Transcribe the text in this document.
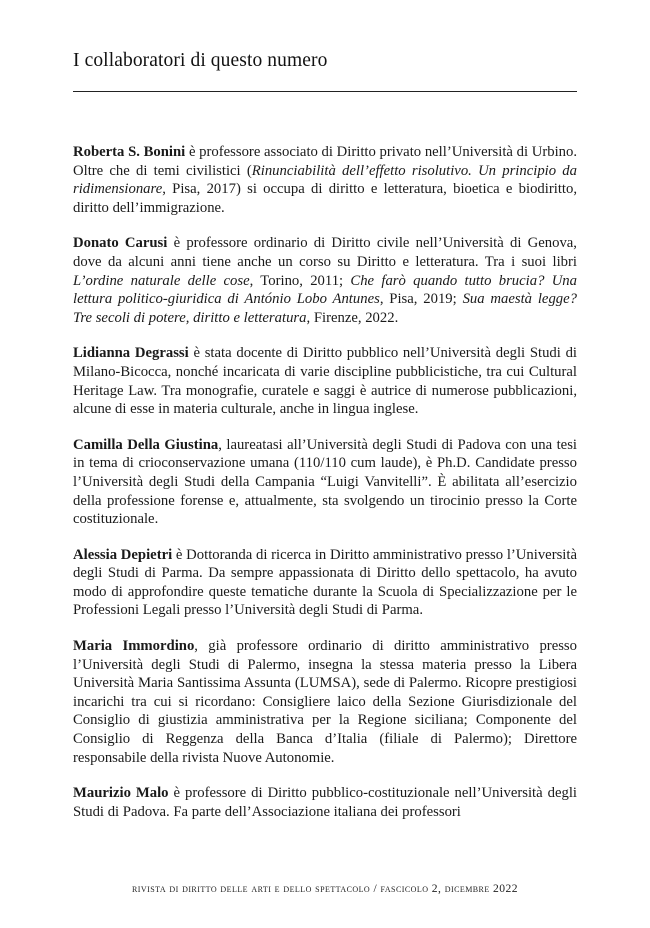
I collaboratori di questo numero

Roberta S. Bonini è professore associato di Diritto privato nell’Università di Urbino. Oltre che di temi civilistici (Rinunciabilità dell’effetto risolutivo. Un principio da ridimensionare, Pisa, 2017) si occupa di diritto e letteratura, bioetica e biodiritto, diritto dell’immigrazione.

Donato Carusi è professore ordinario di Diritto civile nell’Università di Genova, dove da alcuni anni tiene anche un corso su Diritto e letteratura. Tra i suoi libri L’ordine naturale delle cose, Torino, 2011; Che farò quando tutto brucia? Una lettura politico-giuridica di António Lobo Antunes, Pisa, 2019; Sua maestà legge? Tre secoli di potere, diritto e letteratura, Firenze, 2022.

Lidianna Degrassi è stata docente di Diritto pubblico nell’Università degli Studi di Milano-Bicocca, nonché incaricata di varie discipline pubblicistiche, tra cui Cultural Heritage Law. Tra monografie, curatele e saggi è autrice di numerose pubblicazioni, alcune di esse in materia culturale, anche in lingua inglese.

Camilla Della Giustina, laureatasi all’Università degli Studi di Padova con una tesi in tema di crioconservazione umana (110/110 cum laude), è Ph.D. Candidate presso l’Università degli Studi della Campania “Luigi Vanvitelli”. È abilitata all’esercizio della professione forense e, attualmente, sta svolgendo un tirocinio presso la Corte costituzionale.

Alessia Depietri è Dottoranda di ricerca in Diritto amministrativo presso l’Università degli Studi di Parma. Da sempre appassionata di Diritto dello spettacolo, ha avuto modo di approfondire queste tematiche durante la Scuola di Specializzazione per le Professioni Legali presso l’Università degli Studi di Parma.

Maria Immordino, già professore ordinario di diritto amministrativo presso l’Università degli Studi di Palermo, insegna la stessa materia presso la Libera Università Maria Santissima Assunta (LUMSA), sede di Palermo. Ricopre prestigiosi incarichi tra cui si ricordano: Consigliere laico della Sezione Giurisdizionale del Consiglio di giustizia amministrativa per la Regione siciliana; Componente del Consiglio di Reggenza della Banca d’Italia (filiale di Palermo); Direttore responsabile della rivista Nuove Autonomie.

Maurizio Malo è professore di Diritto pubblico-costituzionale nell’Università degli Studi di Padova. Fa parte dell’Associazione italiana dei professori

rivista di diritto delle arti e dello spettacolo / fascicolo 2, dicembre 2022
